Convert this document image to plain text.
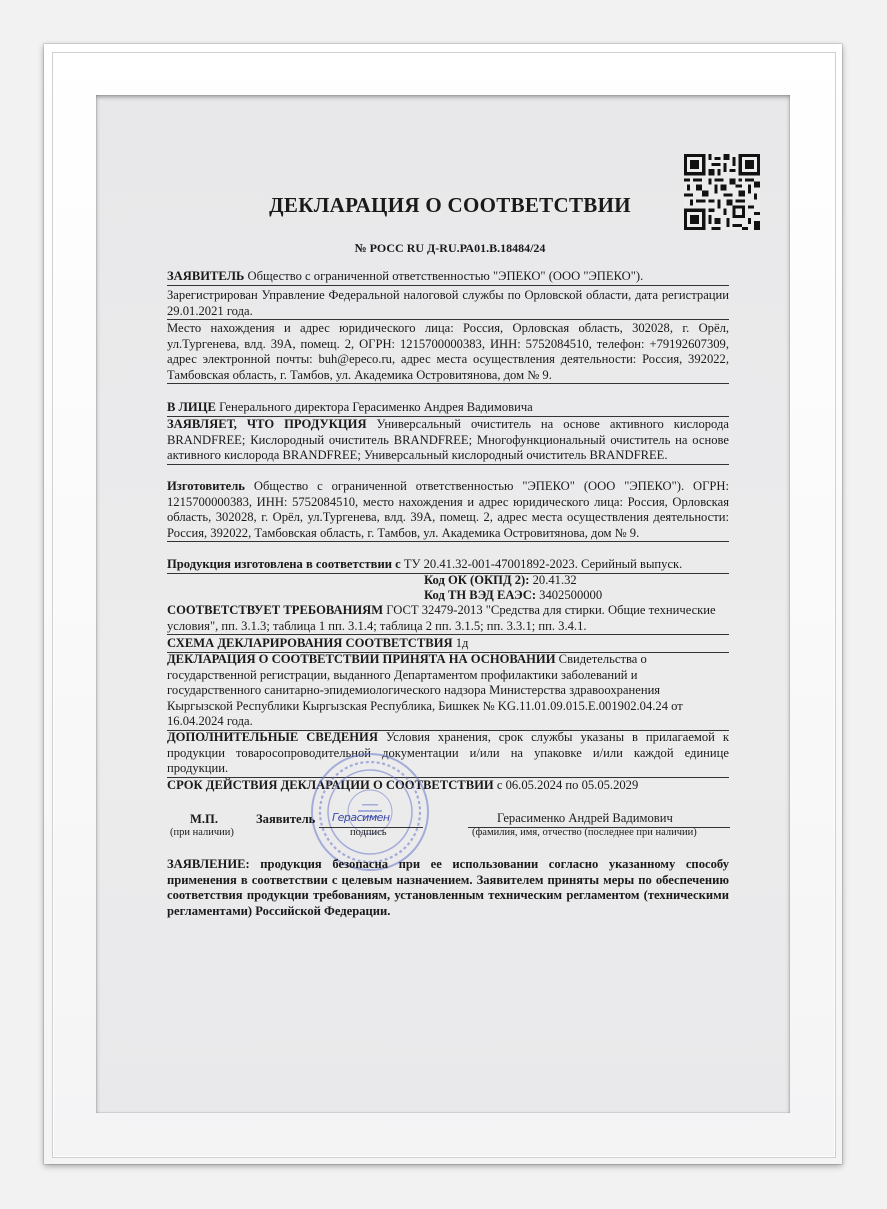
ДЕКЛАРАЦИЯ О СООТВЕТСТВИИ
№ РОСС RU Д-RU.РА01.В.18484/24
ЗАЯВИТЕЛЬ Общество с ограниченной ответственностью "ЭПЕКО" (ООО "ЭПЕКО").
Зарегистрирован Управление Федеральной налоговой службы по Орловской области, дата регистрации 29.01.2021 года.
Место нахождения и адрес юридического лица: Россия, Орловская область, 302028, г. Орёл, ул.Тургенева, влд. 39А, помещ. 2, ОГРН: 1215700000383, ИНН: 5752084510, телефон: +79192607309, адрес электронной почты: buh@epeco.ru, адрес места осуществления деятельности: Россия, 392022, Тамбовская область, г. Тамбов, ул. Академика Островитянова, дом № 9.
В ЛИЦЕ Генерального директора Герасименко Андрея Вадимовича
ЗАЯВЛЯЕТ, ЧТО ПРОДУКЦИЯ Универсальный очиститель на основе активного кислорода BRANDFREE; Кислородный очиститель BRANDFREE; Многофункциональный очиститель на основе активного кислорода BRANDFREE; Универсальный кислородный очиститель BRANDFREE.
Изготовитель Общество с ограниченной ответственностью "ЭПЕКО" (ООО "ЭПЕКО"). ОГРН: 1215700000383, ИНН: 5752084510, место нахождения и адрес юридического лица: Россия, Орловская область, 302028, г. Орёл, ул.Тургенева, влд. 39А, помещ. 2, адрес места осуществления деятельности: Россия, 392022, Тамбовская область, г. Тамбов, ул. Академика Островитянова, дом № 9.
Продукция изготовлена в соответствии с ТУ 20.41.32-001-47001892-2023. Серийный выпуск.
Код ОК (ОКПД 2): 20.41.32
Код ТН ВЭД ЕАЭС: 3402500000
СООТВЕТСТВУЕТ ТРЕБОВАНИЯМ ГОСТ 32479-2013 "Средства для стирки. Общие технические условия", пп. 3.1.3; таблица 1 пп. 3.1.4; таблица 2 пп. 3.1.5; пп. 3.3.1; пп. 3.4.1.
СХЕМА ДЕКЛАРИРОВАНИЯ СООТВЕТСТВИЯ 1д
ДЕКЛАРАЦИЯ О СООТВЕТСТВИИ ПРИНЯТА НА ОСНОВАНИИ Свидетельства о государственной регистрации, выданного Департаментом профилактики заболеваний и государственного санитарно-эпидемиологического надзора Министерства здравоохранения Кыргызской Республики Кыргызская Республика, Бишкек № KG.11.01.09.015.E.001902.04.24 от 16.04.2024 года.
ДОПОЛНИТЕЛЬНЫЕ СВЕДЕНИЯ Условия хранения, срок службы указаны в прилагаемой к продукции товаросопроводительной документации и/или на упаковке и/или каждой единице продукции.
СРОК ДЕЙСТВИЯ ДЕКЛАРАЦИИ О СООТВЕТСТВИИ с 06.05.2024 по 05.05.2029
М.П.
(при наличии)
Заявитель Герасимен
подпись
Герасименко Андрей Вадимович
(фамилия, имя, отчество (последнее при наличии)
ЗАЯВЛЕНИЕ: продукция безопасна при ее использовании согласно указанному способу применения в соответствии с целевым назначением. Заявителем приняты меры по обеспечению соответствия продукции требованиям, установленным техническим регламентом (техническими регламентами) Российской Федерации.
